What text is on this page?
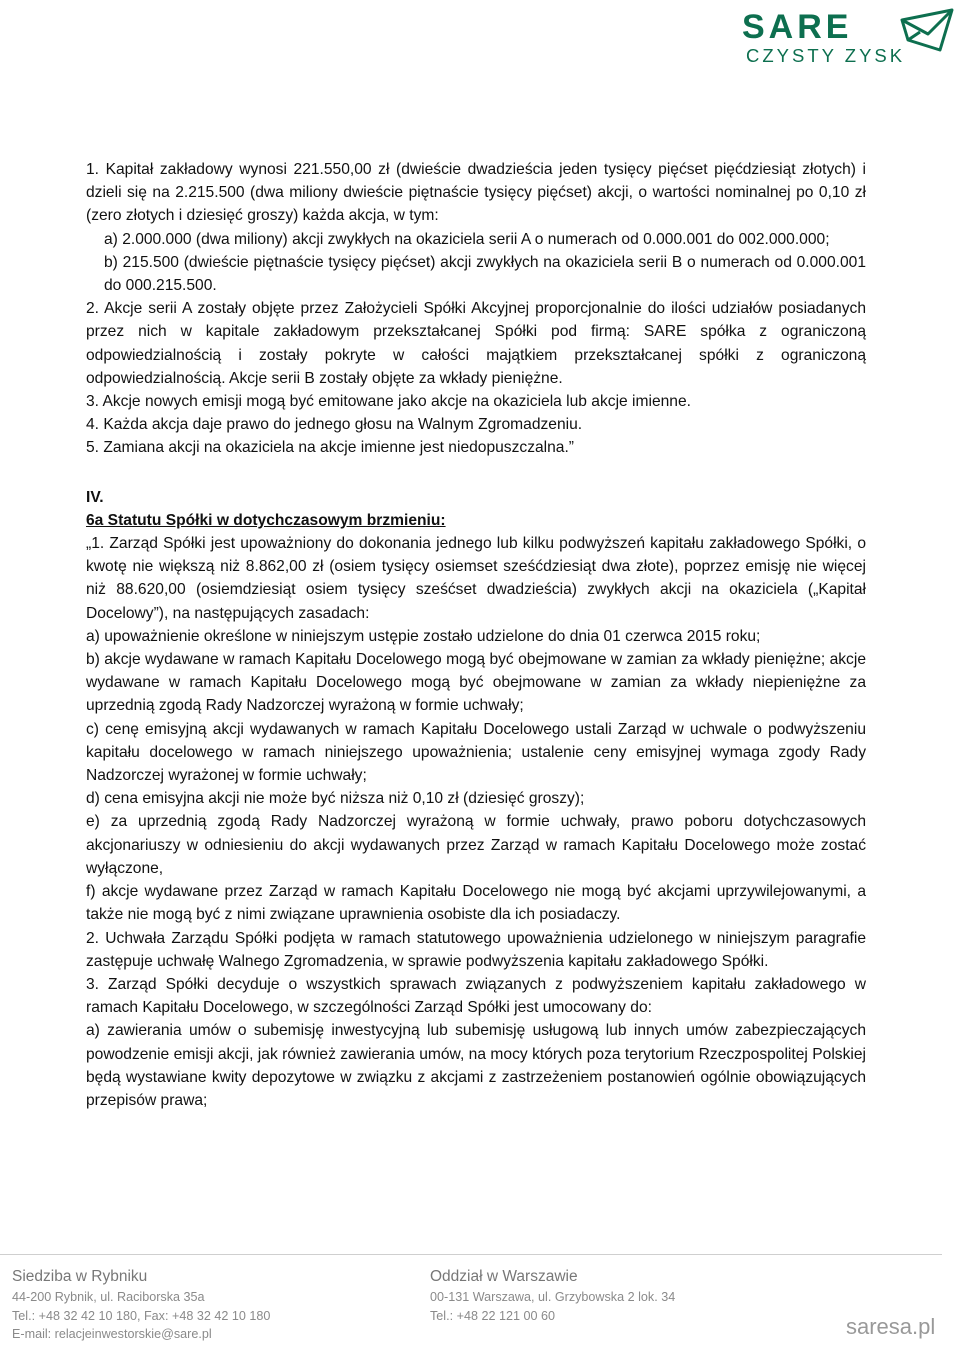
SARE
CZYSTY ZYSK

1. Kapitał zakładowy wynosi 221.550,00 zł (dwieście dwadzieścia jeden tysięcy pięćset pięćdziesiąt złotych) i dzieli się na 2.215.500 (dwa miliony dwieście piętnaście tysięcy pięćset) akcji, o wartości nominalnej po 0,10 zł (zero złotych i dziesięć groszy) każda akcja, w tym:

a) 2.000.000 (dwa miliony) akcji zwykłych na okaziciela serii A o numerach od 0.000.001 do 002.000.000;

b) 215.500 (dwieście piętnaście tysięcy pięćset) akcji zwykłych na okaziciela serii B o numerach od 0.000.001 do 000.215.500.

2. Akcje serii A zostały objęte przez Założycieli Spółki Akcyjnej proporcjonalnie do ilości udziałów posiadanych przez nich w kapitale zakładowym przekształcanej Spółki pod firmą: SARE spółka z ograniczoną odpowiedzialnością i zostały pokryte w całości majątkiem przekształcanej spółki z ograniczoną odpowiedzialnością. Akcje serii B zostały objęte za wkłady pieniężne.

3. Akcje nowych emisji mogą być emitowane jako akcje na okaziciela lub akcje imienne.

4. Każda akcja daje prawo do jednego głosu na Walnym Zgromadzeniu.

5. Zamiana akcji na okaziciela na akcje imienne jest niedopuszczalna.”

IV.

6a Statutu Spółki w dotychczasowym brzmieniu:

„1. Zarząd Spółki jest upoważniony do dokonania jednego lub kilku podwyższeń kapitału zakładowego Spółki, o kwotę nie większą niż 8.862,00 zł (osiem tysięcy osiemset sześćdziesiąt dwa złote), poprzez emisję nie więcej niż 88.620,00 (osiemdziesiąt osiem tysięcy sześćset dwadzieścia) zwykłych akcji na okaziciela („Kapitał Docelowy”), na następujących zasadach:

a) upoważnienie określone w niniejszym ustępie zostało udzielone do dnia 01 czerwca 2015 roku;

b) akcje wydawane w ramach Kapitału Docelowego mogą być obejmowane w zamian za wkłady pieniężne; akcje wydawane w ramach Kapitału Docelowego mogą być obejmowane w zamian za wkłady niepieniężne za uprzednią zgodą Rady Nadzorczej wyrażoną w formie uchwały;

c) cenę emisyjną akcji wydawanych w ramach Kapitału Docelowego ustali Zarząd w uchwale o podwyższeniu kapitału docelowego w ramach niniejszego upoważnienia; ustalenie ceny emisyjnej wymaga zgody Rady Nadzorczej wyrażonej w formie uchwały;

d) cena emisyjna akcji nie może być niższa niż 0,10 zł (dziesięć groszy);

e) za uprzednią zgodą Rady Nadzorczej wyrażoną w formie uchwały, prawo poboru dotychczasowych akcjonariuszy w odniesieniu do akcji wydawanych przez Zarząd w ramach Kapitału Docelowego może zostać wyłączone,

f) akcje wydawane przez Zarząd w ramach Kapitału Docelowego nie mogą być akcjami uprzywilejowanymi, a także nie mogą być z nimi związane uprawnienia osobiste dla ich posiadaczy.

2. Uchwała Zarządu Spółki podjęta w ramach statutowego upoważnienia udzielonego w niniejszym paragrafie zastępuje uchwałę Walnego Zgromadzenia, w sprawie podwyższenia kapitału zakładowego Spółki.

3. Zarząd Spółki decyduje o wszystkich sprawach związanych z podwyższeniem kapitału zakładowego w ramach Kapitału Docelowego, w szczególności Zarząd Spółki jest umocowany do:

a) zawierania umów o subemisję inwestycyjną lub subemisję usługową lub innych umów zabezpieczających powodzenie emisji akcji, jak również zawierania umów, na mocy których poza terytorium Rzeczpospolitej Polskiej będą wystawiane kwity depozytowe w związku z akcjami z zastrzeżeniem postanowień ogólnie obowiązujących przepisów prawa;

Siedziba w Rybniku
44-200 Rybnik, ul. Raciborska 35a
Tel.: +48 32 42 10 180, Fax: +48 32 42 10 180
E-mail: relacjeinwestorskie@sare.pl
Oddział w Warszawie
00-131 Warszawa, ul. Grzybowska 2 lok. 34
Tel.: +48 22 121 00 60	saresa.pl
